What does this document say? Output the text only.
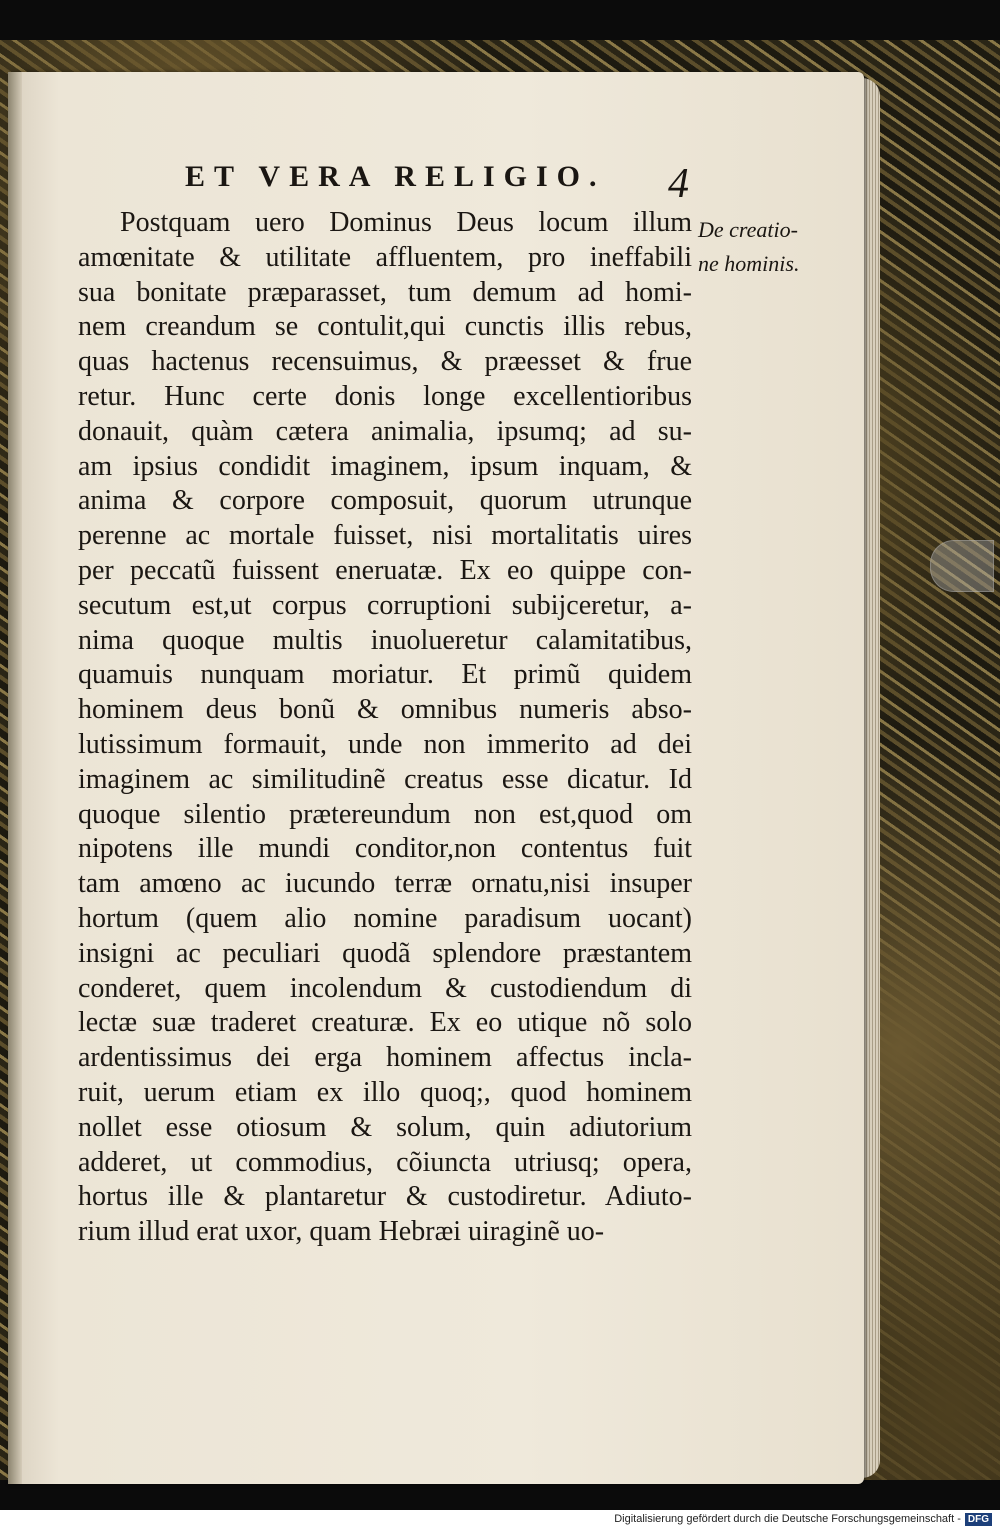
ET VERA RELIGIO. 4
De creatio-
ne hominis.
Postquam uero Dominus Deus locum illum
amœnitate & utilitate affluentem, pro ineffabili
sua bonitate præparasset, tum demum ad homi-
nem creandum se contulit,qui cunctis illis rebus,
quas hactenus recensuimus, & præesset & frue
retur. Hunc certe donis longe excellentioribus
donauit, quàm cætera animalia, ipsumq; ad su-
am ipsius condidit imaginem, ipsum inquam, &
anima & corpore composuit, quorum utrunque
perenne ac mortale fuisset, nisi mortalitatis uires
per peccatũ fuissent eneruatæ. Ex eo quippe con-
secutum est,ut corpus corruptioni subijceretur, a-
nima quoque multis inuolueretur calamitatibus,
quamuis nunquam moriatur. Et primũ quidem
hominem deus bonũ & omnibus numeris abso-
lutissimum formauit, unde non immerito ad dei
imaginem ac similitudinẽ creatus esse dicatur. Id
quoque silentio prætereundum non est,quod om
nipotens ille mundi conditor,non contentus fuit
tam amœno ac iucundo terræ ornatu,nisi insuper
hortum (quem alio nomine paradisum uocant)
insigni ac peculiari quodã splendore præstantem
conderet, quem incolendum & custodiendum di
lectæ suæ traderet creaturæ. Ex eo utique nõ solo
ardentissimus dei erga hominem affectus incla-
ruit, uerum etiam ex illo quoq;, quod hominem
nollet esse otiosum & solum, quin adiutorium
adderet, ut commodius, cõiuncta utriusq; opera,
hortus ille & plantaretur & custodiretur. Adiuto-
rium illud erat uxor, quam Hebræi uiraginẽ uo-
Digitalisierung gefördert durch die Deutsche Forschungsgemeinschaft - DFG
